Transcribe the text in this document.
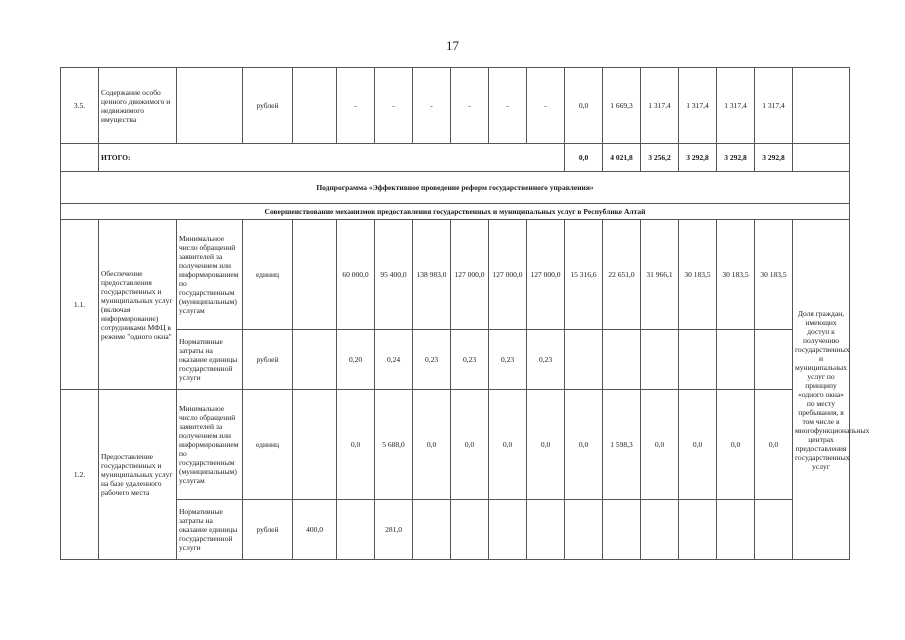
17
3.5.	Содержание особо ценного движимого и недвижимого имущества		рублей		-	-	-	-	-	-	0,0	1 669,3	1 317,4	1 317,4	1 317,4	1 317,4	
	ИТОГО:										0,0	4 021,8	3 256,2	3 292,8	3 292,8	3 292,8	
Подпрограмма «Эффективное проведение реформ государственного управления»																	
Совершенствование механизмов предоставления государственных и муниципальных услуг в Республике Алтай																	
1.1.	Обеспечение предоставления государственных и муниципальных услуг (включая информирование) сотрудниками МФЦ в режиме "одного окна"	Минимальное число обращений заявителей за получением или информированием по государственным (муниципальным) услугам	единиц		60 000,0	95 400,0	138 983,0	127 000,0	127 000,0	127 000,0	15 316,6	22 651,0	31 966,1	30 183,5	30 183,5	30 183,5	Доля граждан, имеющих доступ к получению государственных и муниципальных услуг по принципу «одного окна» по месту пребывания, в том числе в многофункциональных центрах предоставления государственных услуг
		Нормативные затраты на оказание единицы государственной услуги	рублей		0,20	0,24	0,23	0,23	0,23	0,23							
1.2.	Предоставление государственных и муниципальных услуг на базе удаленного рабочего места	Минимальное число обращений заявителей за получением или информированием по государственным (муниципальным) услугам	единиц		0,0	5 688,0	0,0	0,0	0,0	0,0	0,0	1 598,3	0,0	0,0	0,0	0,0	
		Нормативные затраты на оказание единицы государственной услуги	рублей	400,0		281,0											
